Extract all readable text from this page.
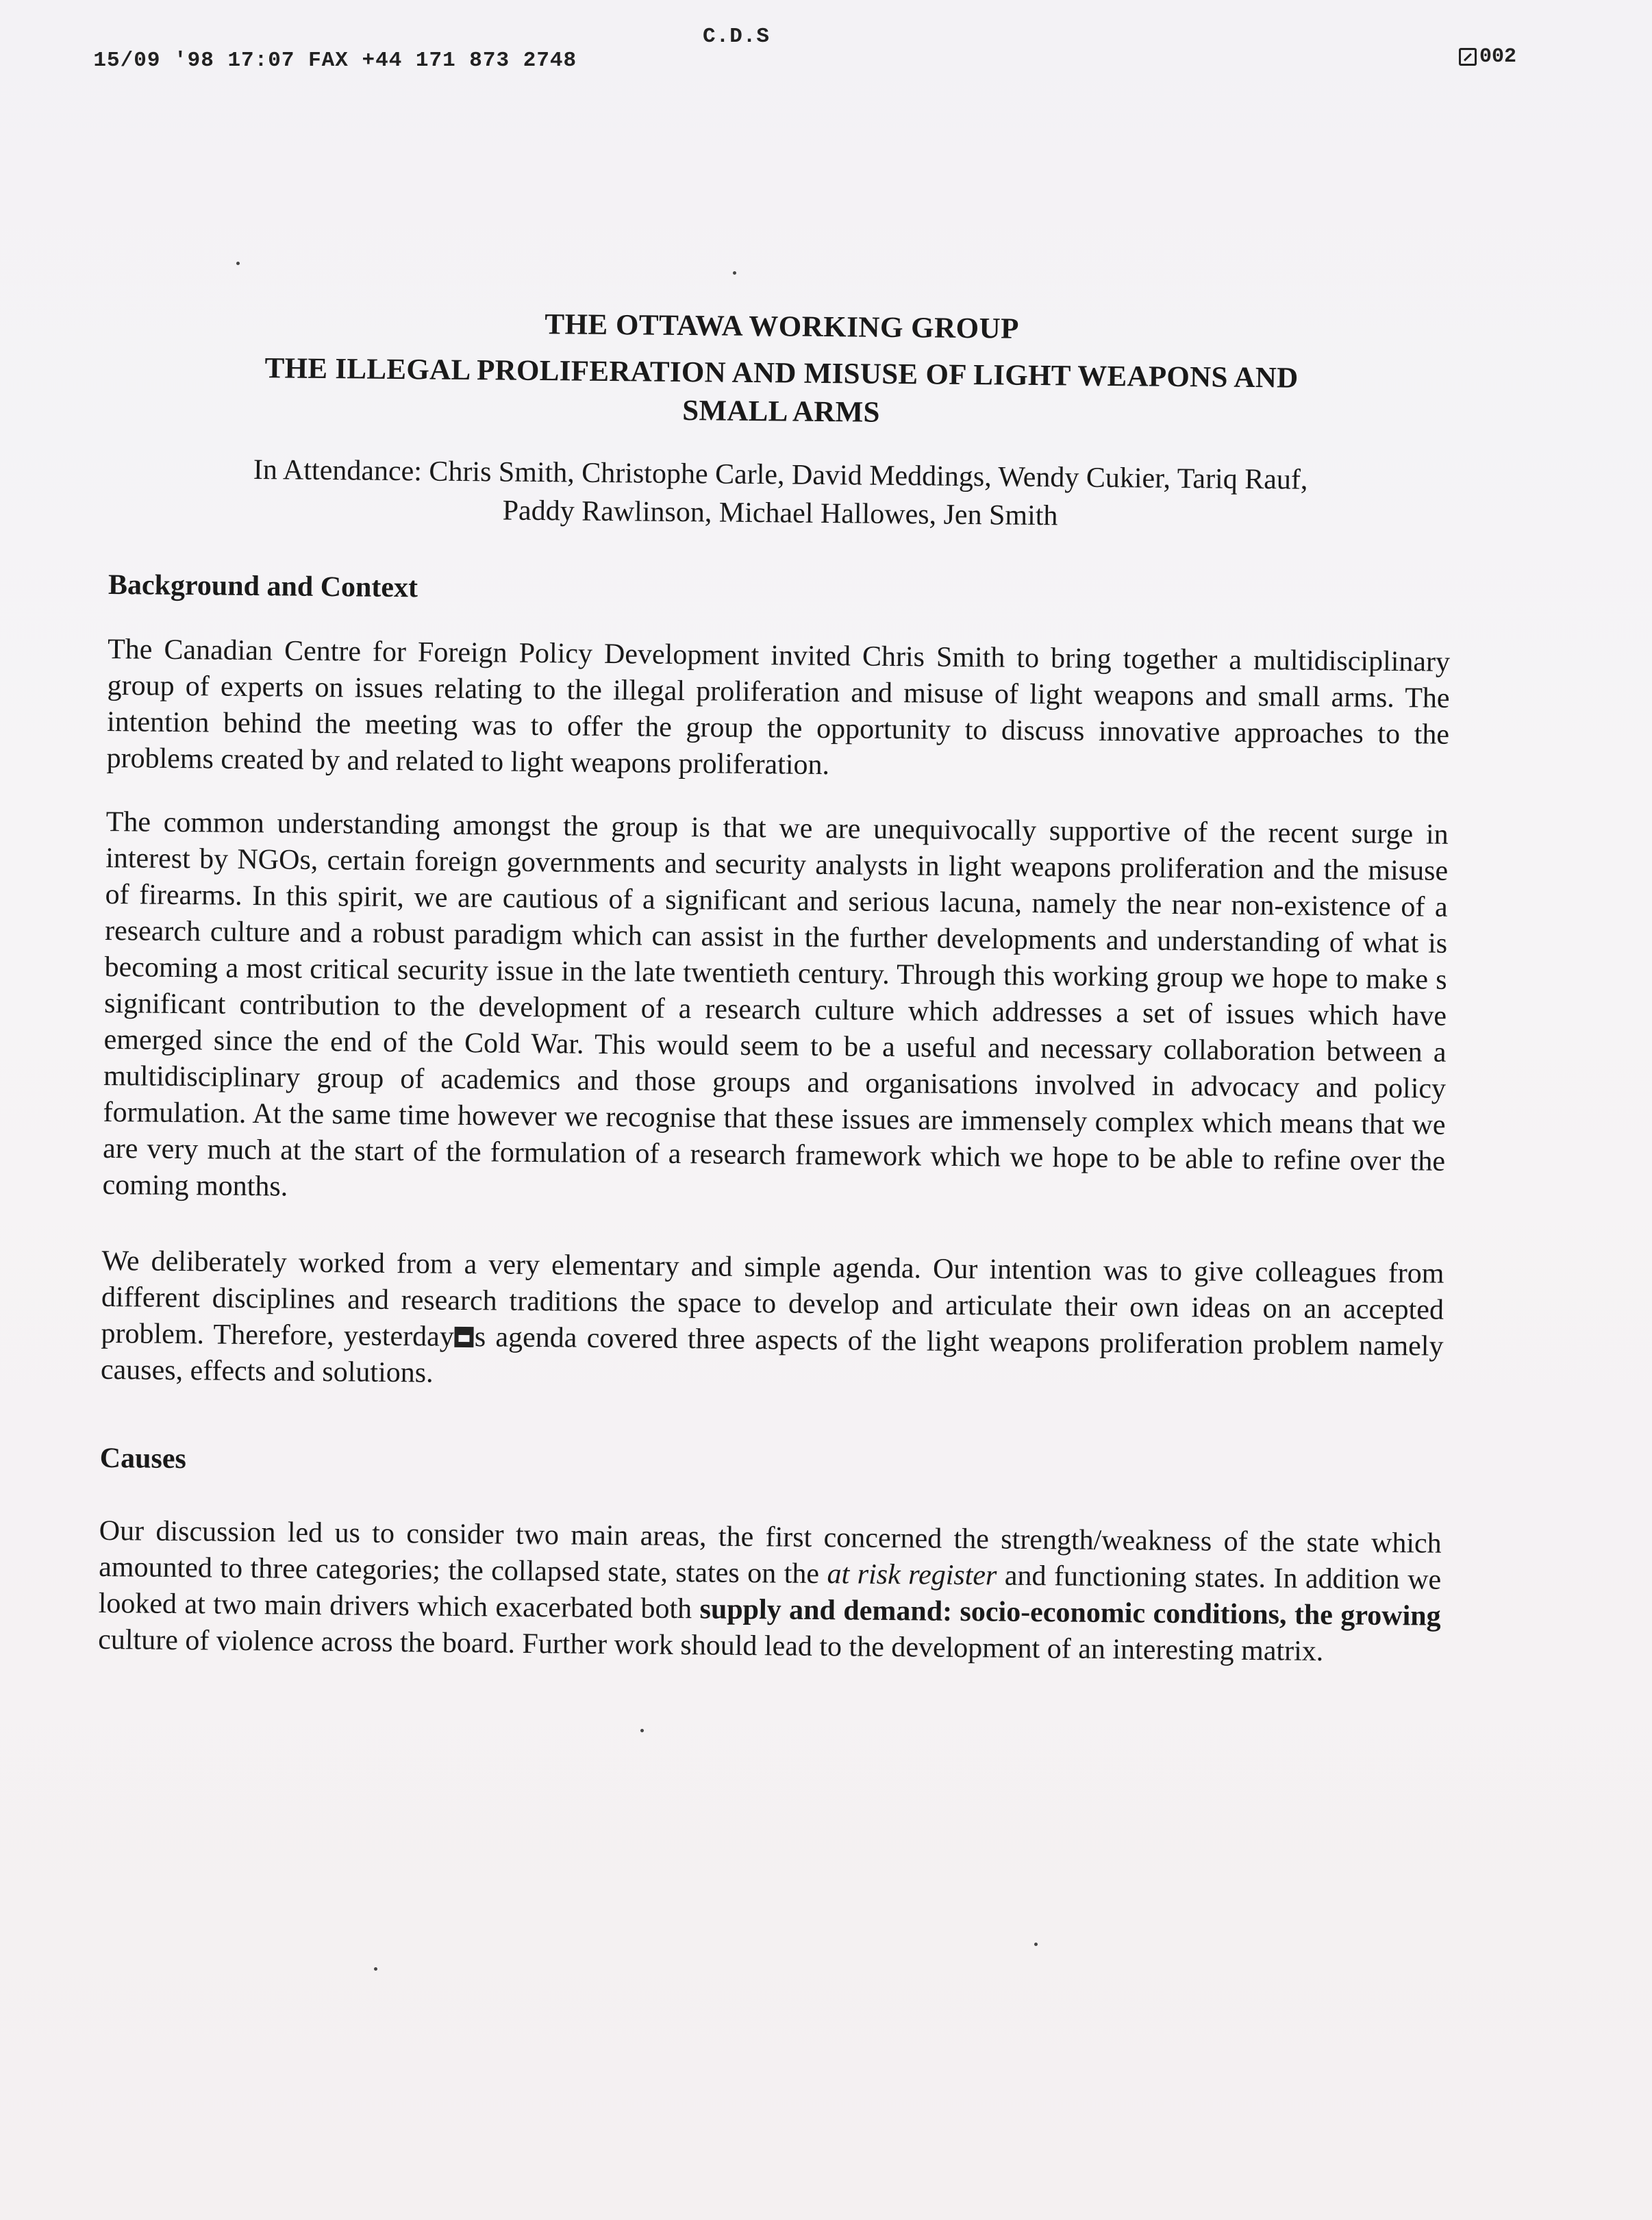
15/09 '98 17:07 FAX +44 171 873 2748

C.D.S

002
THE OTTAWA WORKING GROUP
THE ILLEGAL PROLIFERATION AND MISUSE OF LIGHT WEAPONS AND
SMALL ARMS
In Attendance: Chris Smith, Christophe Carle, David Meddings, Wendy Cukier, Tariq Rauf,
Paddy Rawlinson, Michael Hallowes, Jen Smith
Background and Context

The Canadian Centre for Foreign Policy Development invited Chris Smith to bring together a multidisciplinary group of experts on issues relating to the illegal proliferation and misuse of light weapons and small arms. The intention behind the meeting was to offer the group the opportunity to discuss innovative approaches to the problems created by and related to light weapons proliferation.

The common understanding amongst the group is that we are unequivocally supportive of the recent surge in interest by NGOs, certain foreign governments and security analysts in light weapons proliferation and the misuse of firearms. In this spirit, we are cautious of a significant and serious lacuna, namely the near non-existence of a research culture and a robust paradigm which can assist in the further developments and understanding of what is becoming a most critical security issue in the late twentieth century. Through this working group we hope to make s significant contribution to the development of a research culture which addresses a set of issues which have emerged since the end of the Cold War. This would seem to be a useful and necessary collaboration between a multidisciplinary group of academics and those groups and organisations involved in advocacy and policy formulation. At the same time however we recognise that these issues are immensely complex which means that we are very much at the start of the formulation of a research framework which we hope to be able to refine over the coming months.

We deliberately worked from a very elementary and simple agenda. Our intention was to give colleagues from different disciplines and research traditions the space to develop and articulate their own ideas on an accepted problem. Therefore, yesterday s agenda covered three aspects of the light weapons proliferation problem namely causes, effects and solutions.

Causes

Our discussion led us to consider two main areas, the first concerned the strength/weakness of the state which amounted to three categories; the collapsed state, states on the at risk register and functioning states. In addition we looked at two main drivers which exacerbated both supply and demand: socio-economic conditions, the growing culture of violence across the board. Further work should lead to the development of an interesting matrix.
